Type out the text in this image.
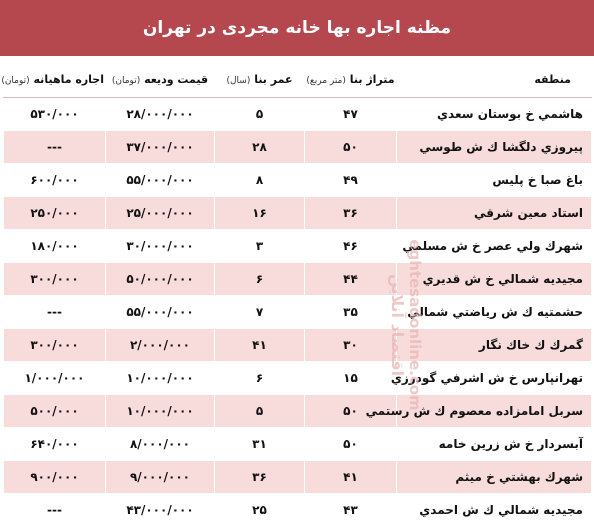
مظنه اجاره بها خانه مجردی در تهران
منطقه	متراژ بنا (متر مربع)	عمر بنا (سال)	قيمت وديعه (تومان)	اجاره ماهيانه (تومان)
هاشمي خ بوستان سعدي	۴۷	۵	۲۸/۰۰۰/۰۰۰	۵۳۰/۰۰۰
پيروزي دلگشا ك ش طوسي	۵۰	۲۸	۳۷/۰۰۰/۰۰۰	---
باغ صبا خ پليس	۴۹	۸	۵۵/۰۰۰/۰۰۰	۶۰۰/۰۰۰
استاد معين شرقي	۳۶	۱۶	۲۵/۰۰۰/۰۰۰	۲۵۰/۰۰۰
شهرك ولي عصر خ ش مسلمي	۴۶	۳	۳۰/۰۰۰/۰۰۰	۱۸۰/۰۰۰
مجيديه شمالي خ ش قديري	۴۴	۶	۵۰/۰۰۰/۰۰۰	۳۰۰/۰۰۰
حشمتيه ك ش رياضتي شمالي	۳۵	۷	۵۵/۰۰۰/۰۰۰	---
گمرك ك خاك نگار	۳۰	۴۱	۲/۰۰۰/۰۰۰	۳۰۰/۰۰۰
تهرانپارس خ ش اشرفي گودرزي	۱۵	۶	۱۰/۰۰۰/۰۰۰	۱/۰۰۰/۰۰۰
سربل امامزاده معصوم ك ش رستمي	۵۰	۵	۱۰/۰۰۰/۰۰۰	۵۰۰/۰۰۰
آبسردار خ ش زرين خامه	۵۰	۳۱	۸/۰۰۰/۰۰۰	۶۴۰/۰۰۰
شهرك بهشتي خ ميثم	۴۱	۳۶	۹/۰۰۰/۰۰۰	۹۰۰/۰۰۰
مجيديه شمالي ك ش احمدي	۴۳	۲۵	۴۳/۰۰۰/۰۰۰	---
اقتصاد آنلاين eghtesadonline.com
